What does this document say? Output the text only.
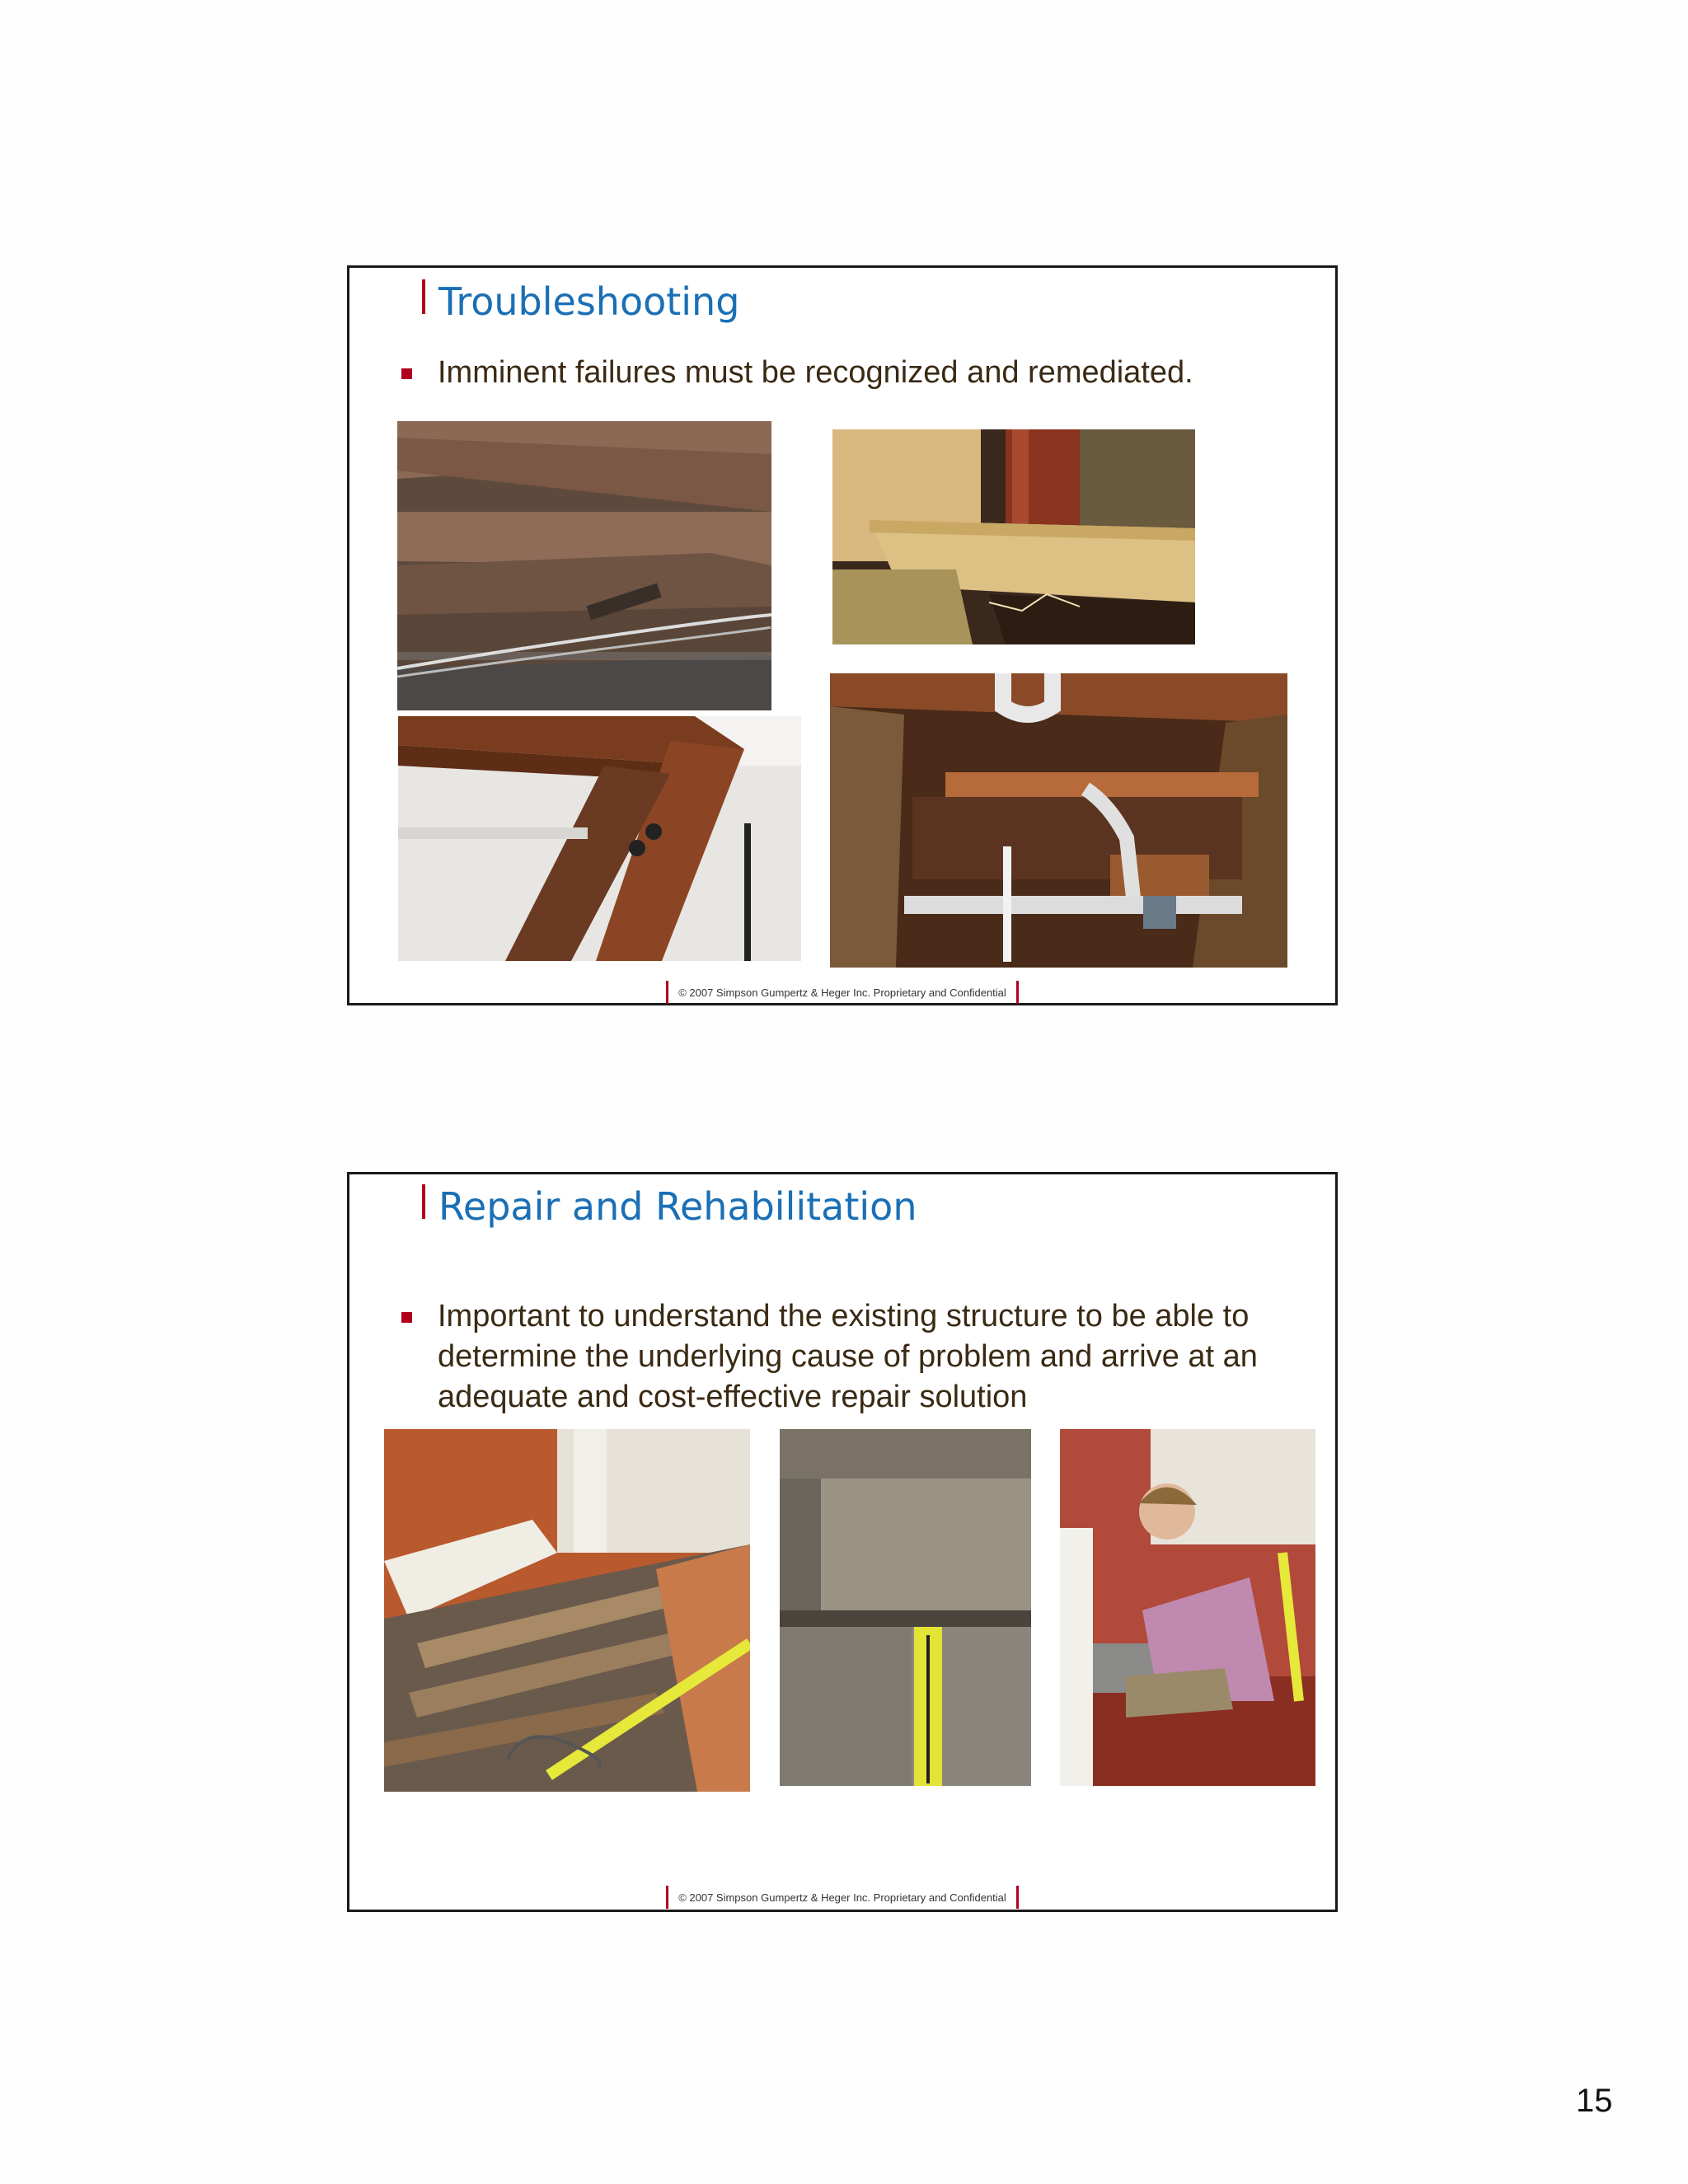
Troubleshooting
Imminent failures must be recognized and remediated.
© 2007 Simpson Gumpertz & Heger Inc. Proprietary and Confidential
Repair and Rehabilitation
Important to understand the existing structure to be able to determine the underlying cause of problem and arrive at an adequate and cost-effective repair solution
© 2007 Simpson Gumpertz & Heger Inc. Proprietary and Confidential
15
